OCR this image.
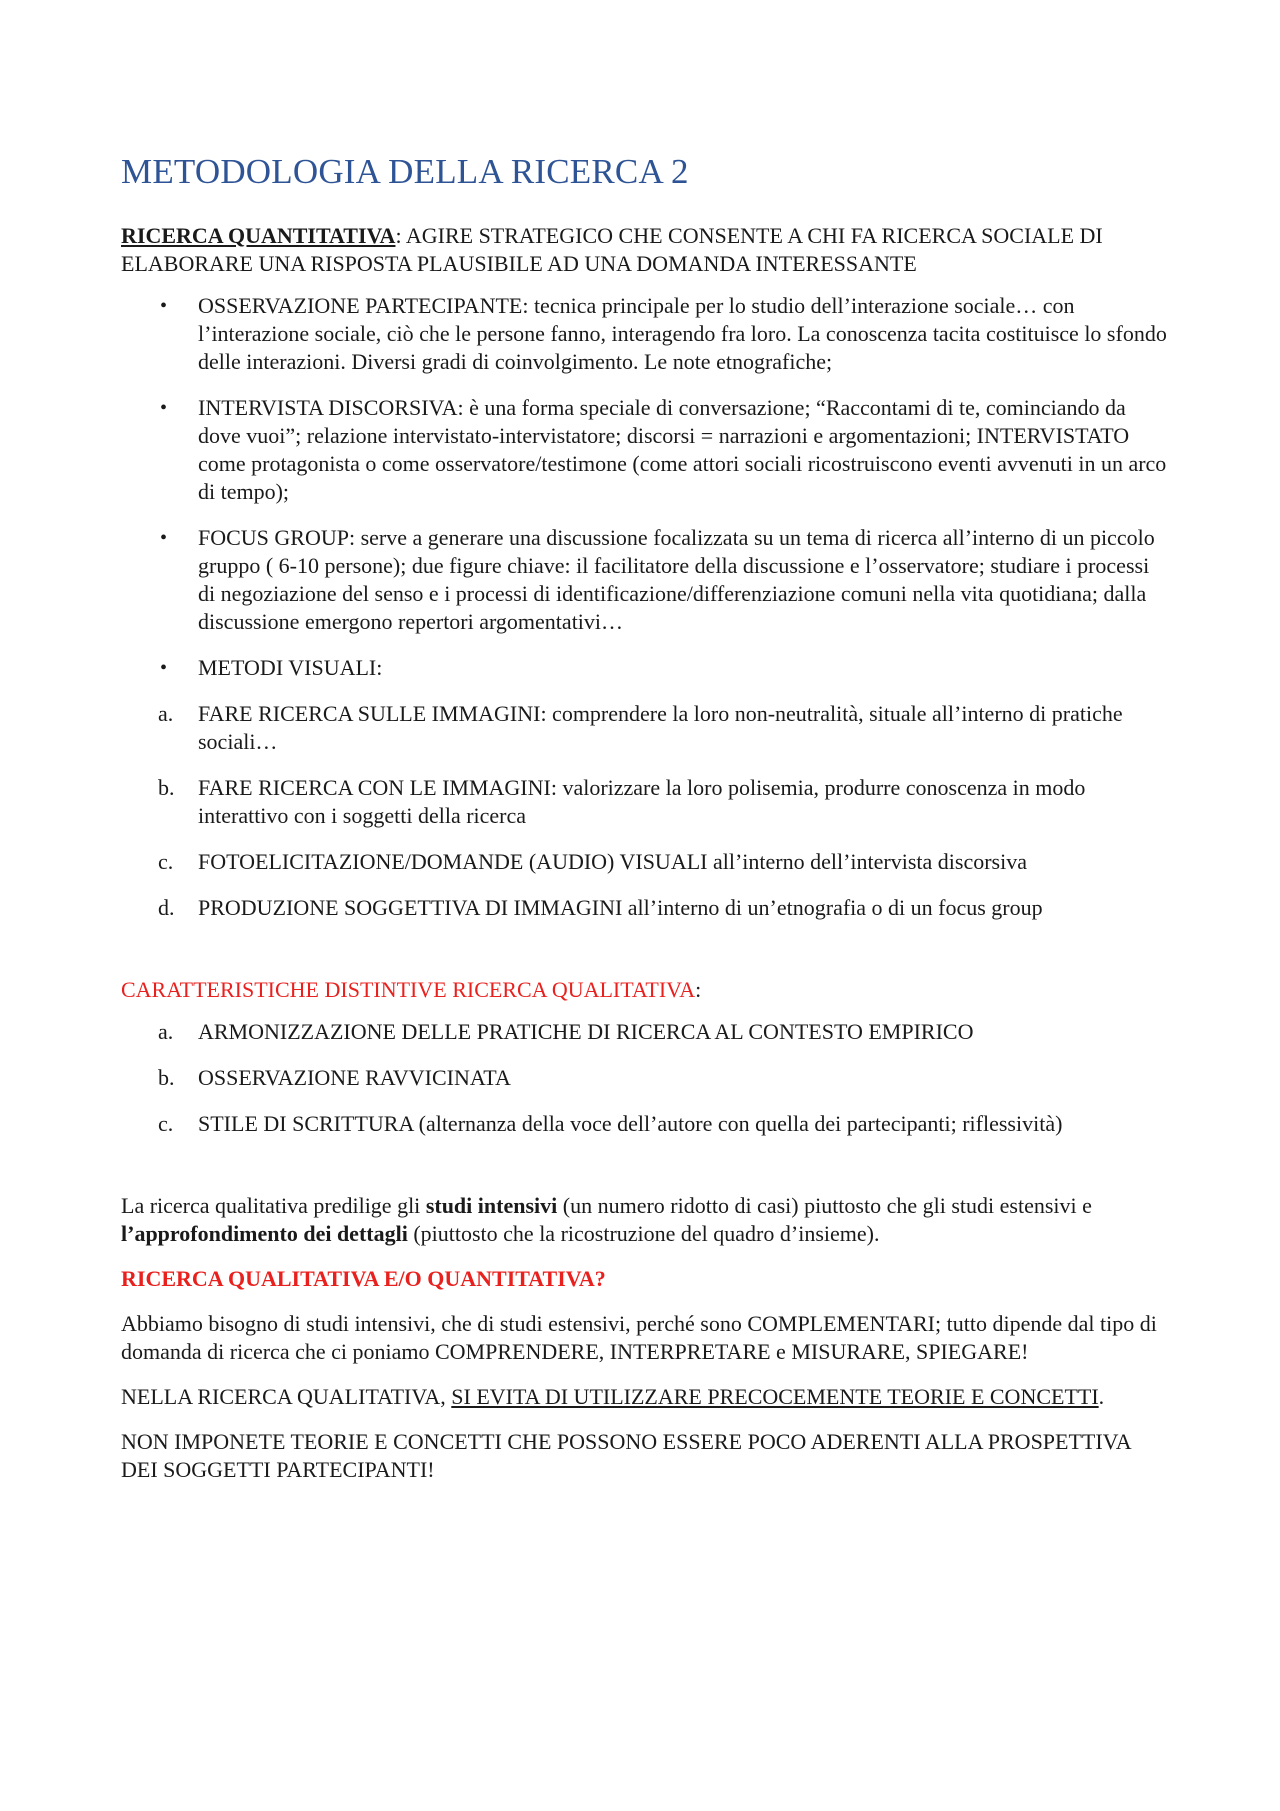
METODOLOGIA DELLA RICERCA 2

RICERCA QUANTITATIVA: AGIRE STRATEGICO CHE CONSENTE A CHI FA RICERCA SOCIALE DI ELABORARE UNA RISPOSTA PLAUSIBILE AD UNA DOMANDA INTERESSANTE

•	OSSERVAZIONE PARTECIPANTE: tecnica principale per lo studio dell’interazione sociale… con l’interazione sociale, ciò che le persone fanno, interagendo fra loro. La conoscenza tacita costituisce lo sfondo delle interazioni. Diversi gradi di coinvolgimento. Le note etnografiche;
•	INTERVISTA DISCORSIVA: è una forma speciale di conversazione; “Raccontami di te, cominciando da dove vuoi”; relazione intervistato-intervistatore; discorsi = narrazioni e argomentazioni; INTERVISTATO come protagonista o come osservatore/testimone (come attori sociali ricostruiscono eventi avvenuti in un arco di tempo);
•	FOCUS GROUP: serve a generare una discussione focalizzata su un tema di ricerca all’interno di un piccolo gruppo ( 6-10 persone); due figure chiave: il facilitatore della discussione e l’osservatore; studiare i processi di negoziazione del senso e i processi di identificazione/differenziazione comuni nella vita quotidiana; dalla discussione emergono repertori argomentativi…
•	METODI VISUALI:
a.	FARE RICERCA SULLE IMMAGINI: comprendere la loro non-neutralità, situale all’interno di pratiche sociali…
b.	FARE RICERCA CON LE IMMAGINI: valorizzare la loro polisemia, produrre conoscenza in modo interattivo con i soggetti della ricerca
c.	FOTOELICITAZIONE/DOMANDE (AUDIO) VISUALI all’interno dell’intervista discorsiva
d.	PRODUZIONE SOGGETTIVA DI IMMAGINI all’interno di un’etnografia o di un focus group

CARATTERISTICHE DISTINTIVE RICERCA QUALITATIVA:

a.	ARMONIZZAZIONE DELLE PRATICHE DI RICERCA AL CONTESTO EMPIRICO
b.	OSSERVAZIONE RAVVICINATA
c.	STILE DI SCRITTURA (alternanza della voce dell’autore con quella dei partecipanti; riflessività)

La ricerca qualitativa predilige gli studi intensivi (un numero ridotto di casi) piuttosto che gli studi estensivi e l’approfondimento dei dettagli (piuttosto che la ricostruzione del quadro d’insieme).

RICERCA QUALITATIVA E/O QUANTITATIVA?

Abbiamo bisogno di studi intensivi, che di studi estensivi, perché sono COMPLEMENTARI; tutto dipende dal tipo di domanda di ricerca che ci poniamo COMPRENDERE, INTERPRETARE e MISURARE, SPIEGARE!

NELLA RICERCA QUALITATIVA, SI EVITA DI UTILIZZARE PRECOCEMENTE TEORIE E CONCETTI.

NON IMPONETE TEORIE E CONCETTI CHE POSSONO ESSERE POCO ADERENTI ALLA PROSPETTIVA DEI SOGGETTI PARTECIPANTI!
